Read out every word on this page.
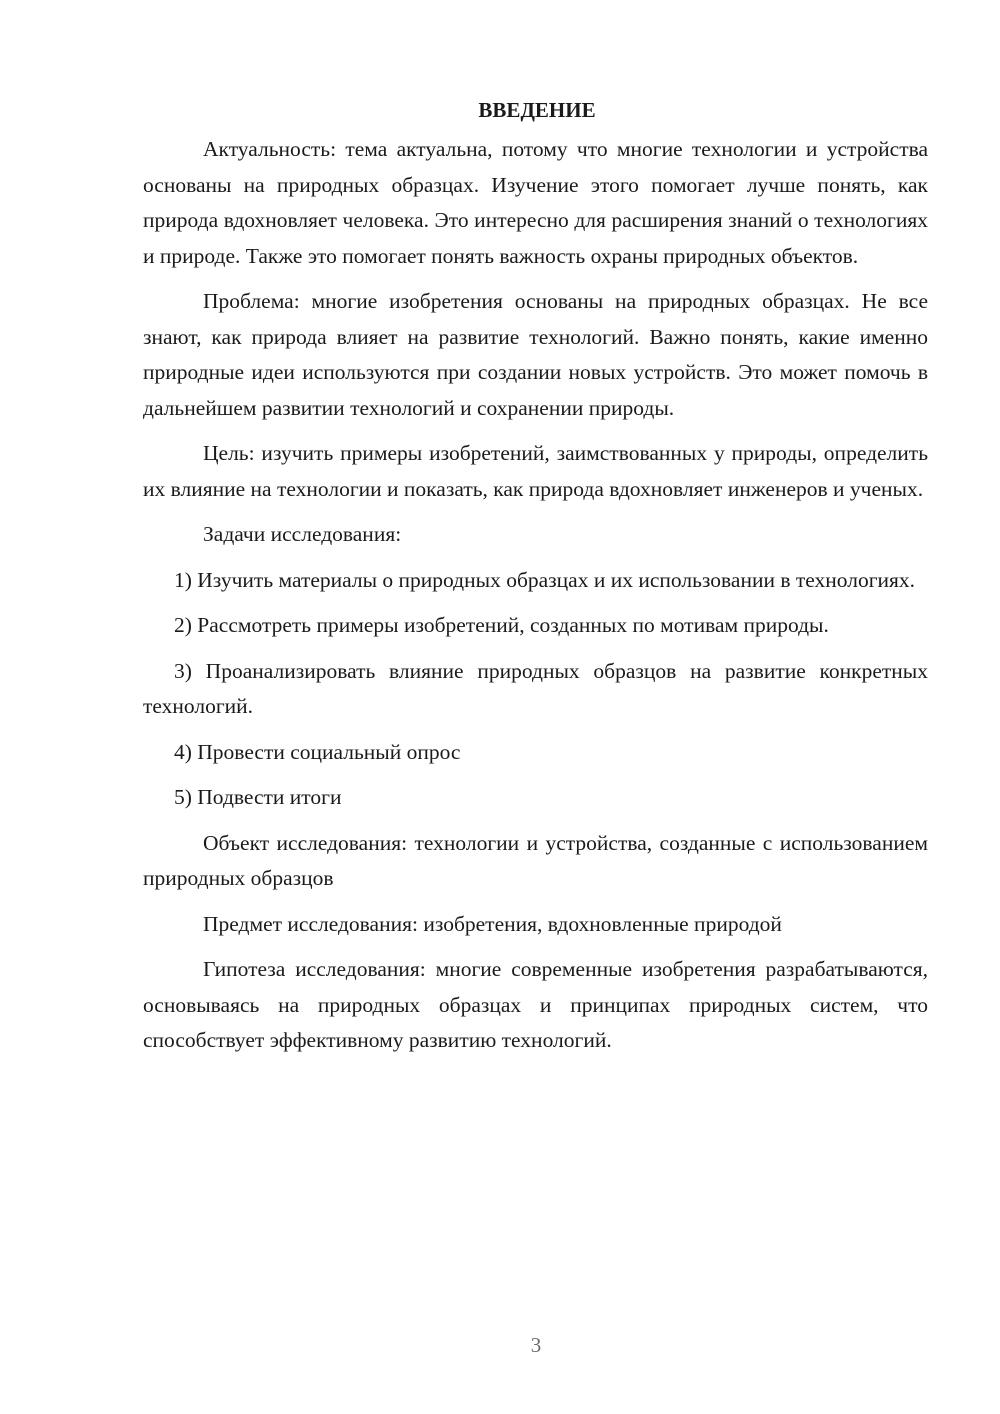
ВВЕДЕНИЕ

Актуальность: тема актуальна, потому что многие технологии и устройства основаны на природных образцах. Изучение этого помогает лучше понять, как природа вдохновляет человека. Это интересно для расширения знаний о технологиях и природе. Также это помогает понять важность охраны природных объектов.

Проблема: многие изобретения основаны на природных образцах. Не все знают, как природа влияет на развитие технологий. Важно понять, какие именно природные идеи используются при создании новых устройств. Это может помочь в дальнейшем развитии технологий и сохранении природы.

Цель: изучить примеры изобретений, заимствованных у природы, определить их влияние на технологии и показать, как природа вдохновляет инженеров и ученых.

Задачи исследования:

1) Изучить материалы о природных образцах и их использовании в технологиях.

2) Рассмотреть примеры изобретений, созданных по мотивам природы.

3) Проанализировать влияние природных образцов на развитие конкретных технологий.

4) Провести социальный опрос

5) Подвести итоги

Объект исследования: технологии и устройства, созданные с использованием природных образцов

Предмет исследования: изобретения, вдохновленные природой

Гипотеза исследования: многие современные изобретения разрабатываются, основываясь на природных образцах и принципах природных систем, что способствует эффективному развитию технологий.

3
